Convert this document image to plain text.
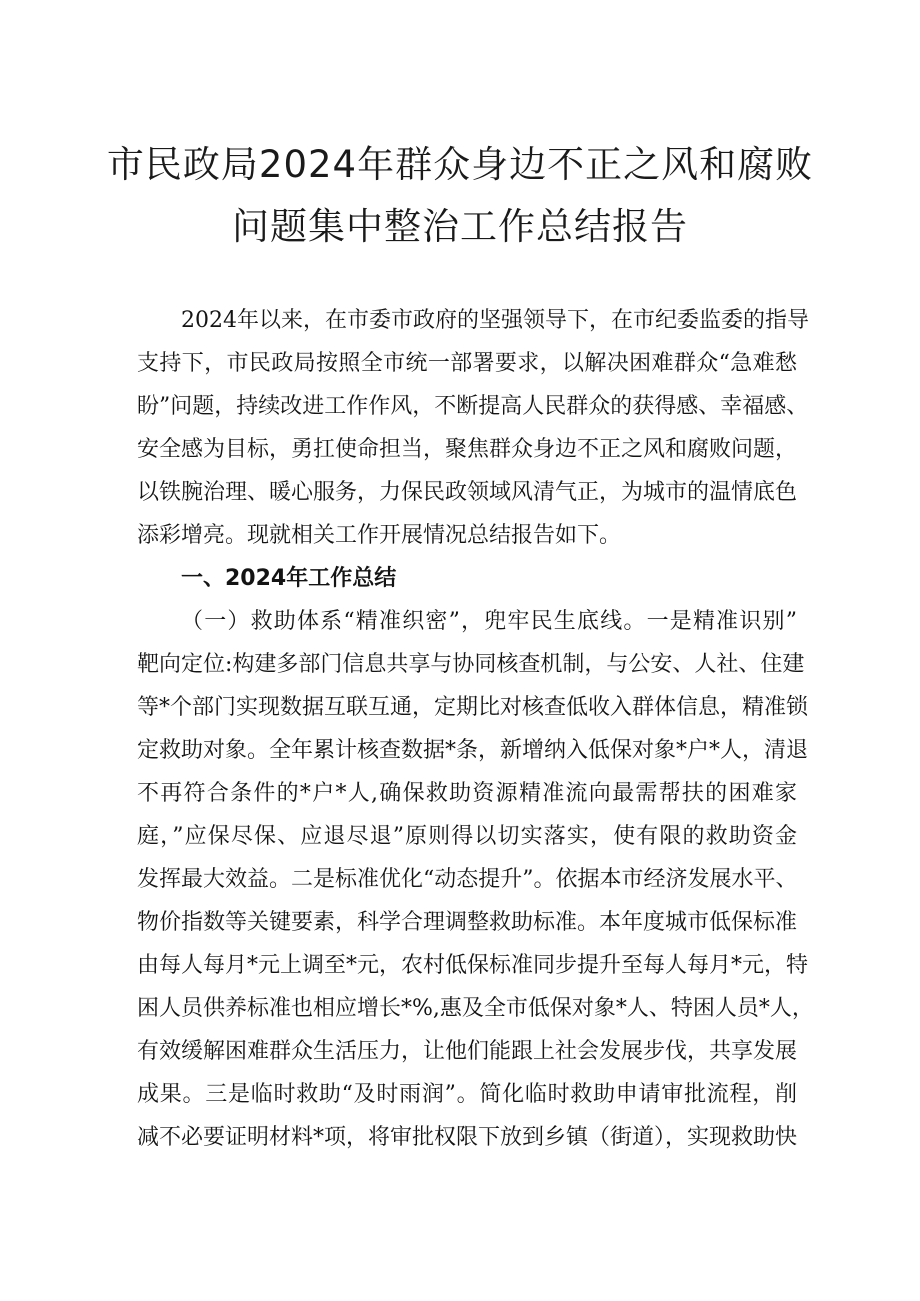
市民政局2024年群众身边不正之风和腐败
问题集中整治工作总结报告
2024年以来，在市委市政府的坚强领导下，在市纪委监委的指导
支持下，市民政局按照全市统一部署要求，以解决困难群众“急难愁
盼”问题，持续改进工作作风，不断提高人民群众的获得感、幸福感、
安全感为目标，勇扛使命担当，聚焦群众身边不正之风和腐败问题，
以铁腕治理、暖心服务，力保民政领域风清气正，为城市的温情底色
添彩增亮。现就相关工作开展情况总结报告如下。
一、2024年工作总结
（一）救助体系“精准织密”，兜牢民生底线。一是精准识别”
靶向定位:构建多部门信息共享与协同核查机制，与公安、人社、住建
等*个部门实现数据互联互通，定期比对核查低收入群体信息，精准锁
定救助对象。全年累计核查数据*条，新增纳入低保对象*户*人，清退
不再符合条件的*户*人,确保救助资源精准流向最需帮扶的困难家
庭，”应保尽保、应退尽退”原则得以切实落实，使有限的救助资金
发挥最大效益。二是标准优化“动态提升”。依据本市经济发展水平、
物价指数等关键要素，科学合理调整救助标准。本年度城市低保标准
由每人每月*元上调至*元，农村低保标准同步提升至每人每月*元，特
困人员供养标准也相应增长*%,惠及全市低保对象*人、特困人员*人，
有效缓解困难群众生活压力，让他们能跟上社会发展步伐，共享发展
成果。三是临时救助“及时雨润”。简化临时救助申请审批流程，削
减不必要证明材料*项，将审批权限下放到乡镇（街道），实现救助快
